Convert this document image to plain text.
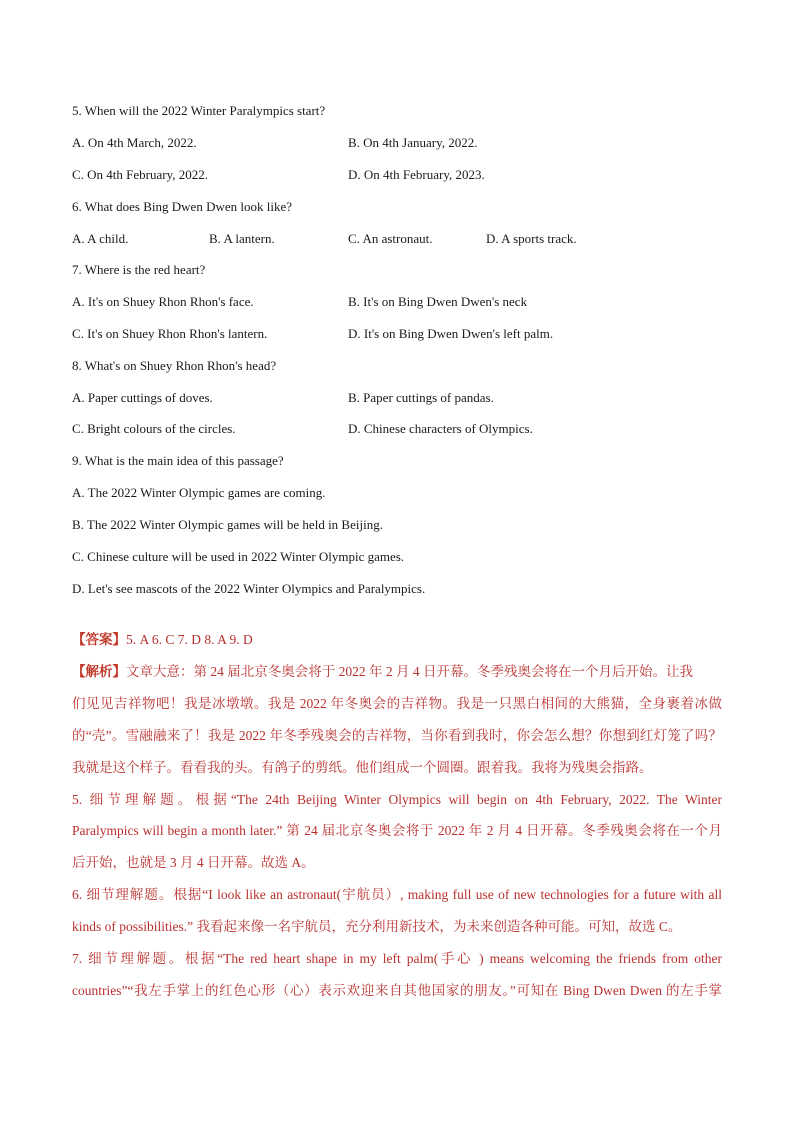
5. When will the 2022 Winter Paralympics start?
A. On 4th March, 2022.	B. On 4th January, 2022.
C. On 4th February, 2022.	D. On 4th February, 2023.
6. What does Bing Dwen Dwen look like?
A. A child.	B. A lantern.	C. An astronaut.	D. A sports track.
7. Where is the red heart?
A. It's on Shuey Rhon Rhon's face.	B. It's on Bing Dwen Dwen's neck
C. It's on Shuey Rhon Rhon's lantern.	D. It's on Bing Dwen Dwen's left palm.
8. What's on Shuey Rhon Rhon's head?
A. Paper cuttings of doves.	B. Paper cuttings of pandas.
C. Bright colours of the circles.	D. Chinese characters of Olympics.
9. What is the main idea of this passage?
A. The 2022 Winter Olympic games are coming.
B. The 2022 Winter Olympic games will be held in Beijing.
C. Chinese culture will be used in 2022 Winter Olympic games.
D. Let's see mascots of the 2022 Winter Olympics and Paralympics.
【答案】5. A 6. C 7. D 8. A 9. D
【解析】文章大意：第 24 届北京冬奥会将于 2022 年 2 月 4 日开幕。冬季残奥会将在一个月后开始。让我
们见见吉祥物吧！我是冰墩墩。我是 2022 年冬奥会的吉祥物。我是一只黑白相间的大熊猫，全身裹着冰做
的“壳”。雪融融来了！我是 2022 年冬季残奥会的吉祥物，当你看到我时，你会怎么想？你想到红灯笼了吗？
我就是这个样子。看看我的头。有鸽子的剪纸。他们组成一个圆圈。跟着我。我将为残奥会指路。
5. 细节理解题。根据“The 24th Beijing Winter Olympics will begin on 4th February, 2022. The Winter
Paralympics will begin a month later.” 第 24 届北京冬奥会将于 2022 年 2 月 4 日开幕。冬季残奥会将在一个月
后开始，也就是 3 月 4 日开幕。故选 A。
6. 细节理解题。根据“I look like an astronaut(宇航员）, making full use of new technologies for a future with all
kinds of possibilities.” 我看起来像一名宇航员，充分利用新技术，为未来创造各种可能。可知，故选 C。
7. 细节理解题。根据“The red heart shape in my left palm(手心 ) means welcoming the friends from other
countries”“我左手掌上的红色心形（心）表示欢迎来自其他国家的朋友。”可知在 Bing Dwen Dwen 的左手掌
